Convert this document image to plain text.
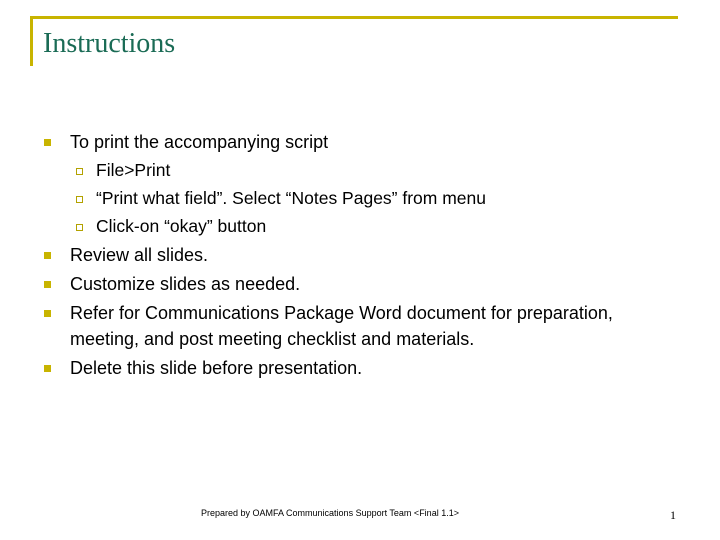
Instructions
To print the accompanying script
File>Print
“Print what field”. Select “Notes Pages” from menu
Click-on “okay” button
Review all slides.
Customize slides as needed.
Refer for Communications Package Word document for preparation, meeting, and post meeting checklist and materials.
Delete this slide before presentation.
Prepared by OAMFA Communications Support Team <Final 1.1>	1
